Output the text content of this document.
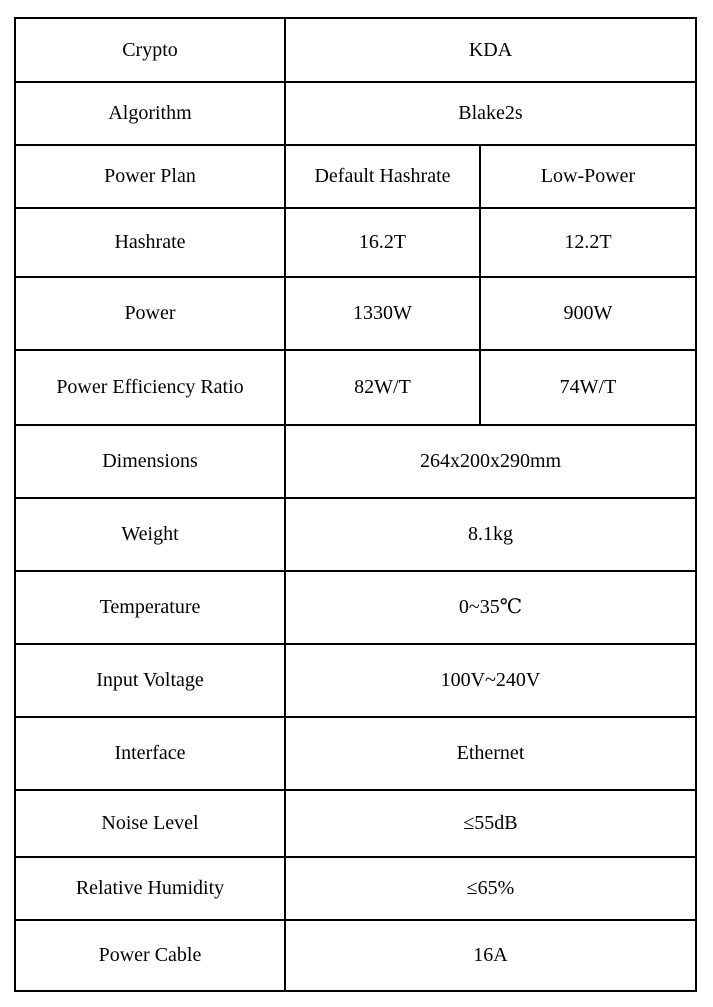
Crypto	KDA	
Algorithm	Blake2s	
Power Plan	Default Hashrate	Low-Power
Hashrate	16.2T	12.2T
Power	1330W	900W
Power Efficiency Ratio	82W/T	74W/T
Dimensions	264x200x290mm	
Weight	8.1kg	
Temperature	0~35℃	
Input Voltage	100V~240V	
Interface	Ethernet	
Noise Level	≤55dB	
Relative Humidity	≤65%	
Power Cable	16A	
